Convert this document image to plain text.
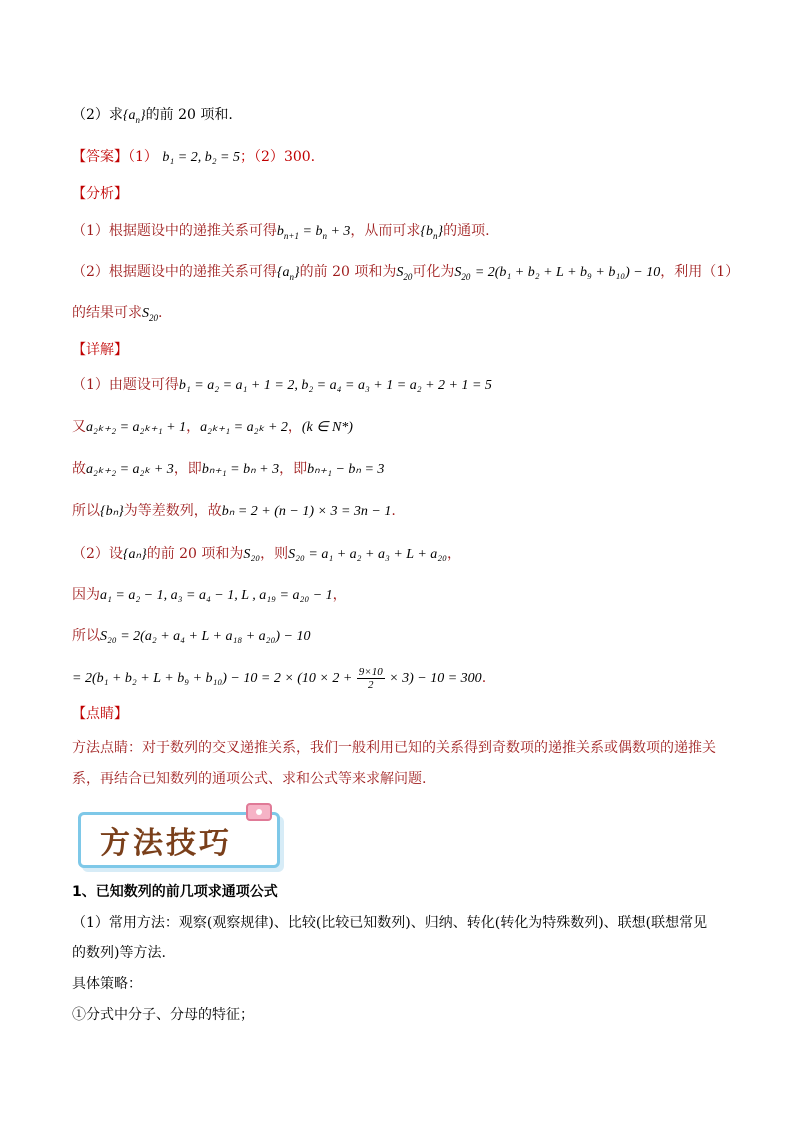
（2）求$\{a_n\}$的前 20 项和.
【答案】（1） b₁ = 2, b₂ = 5；（2）300.
【分析】
（1）根据题设中的递推关系可得$b_{n+1} = b_n + 3$，从而可求$\{b_n\}$的通项.
（2）根据题设中的递推关系可得$\{a_n\}$的前 20 项和为$S_{20}$可化为$S_{20} = 2(b_1 + b_2 + L + b_9 + b_{10}) - 10$，利用（1）
的结果可求$S_{20}$.
【详解】
（1）由题设可得b₁ = a₂ = a₁ + 1 = 2, b₂ = a₄ = a₃ + 1 = a₂ + 2 + 1 = 5
又a₂ₖ₊₂ = a₂ₖ₊₁ + 1，a₂ₖ₊₁ = a₂ₖ + 2，(k ∈ N*)
故a₂ₖ₊₂ = a₂ₖ + 3，即bₙ₊₁ = bₙ + 3，即bₙ₊₁ − bₙ = 3
所以{bₙ}为等差数列，故bₙ = 2 + (n − 1) × 3 = 3n − 1.
（2）设{aₙ}的前 20 项和为S₂₀，则S₂₀ = a₁ + a₂ + a₃ + L + a₂₀，
因为a₁ = a₂ − 1, a₃ = a₄ − 1, L , a₁₉ = a₂₀ − 1，
所以S₂₀ = 2(a₂ + a₄ + L + a₁₈ + a₂₀) − 10
= $2(b_1 + b_2 + L + b_9 + b_{10}) - 10 = 2 \times (10 \times 2 + \frac{9\times 10}{2} \times 3) - 10 = 300$.
【点睛】
方法点睛：对于数列的交叉递推关系，我们一般利用已知的关系得到奇数项的递推关系或偶数项的递推关
系，再结合已知数列的通项公式、求和公式等来求解问题.
方法技巧
1、已知数列的前几项求通项公式
（1）常用方法：观察(观察规律)、比较(比较已知数列)、归纳、转化(转化为特殊数列)、联想(联想常见
的数列)等方法.
具体策略：
①分式中分子、分母的特征；
